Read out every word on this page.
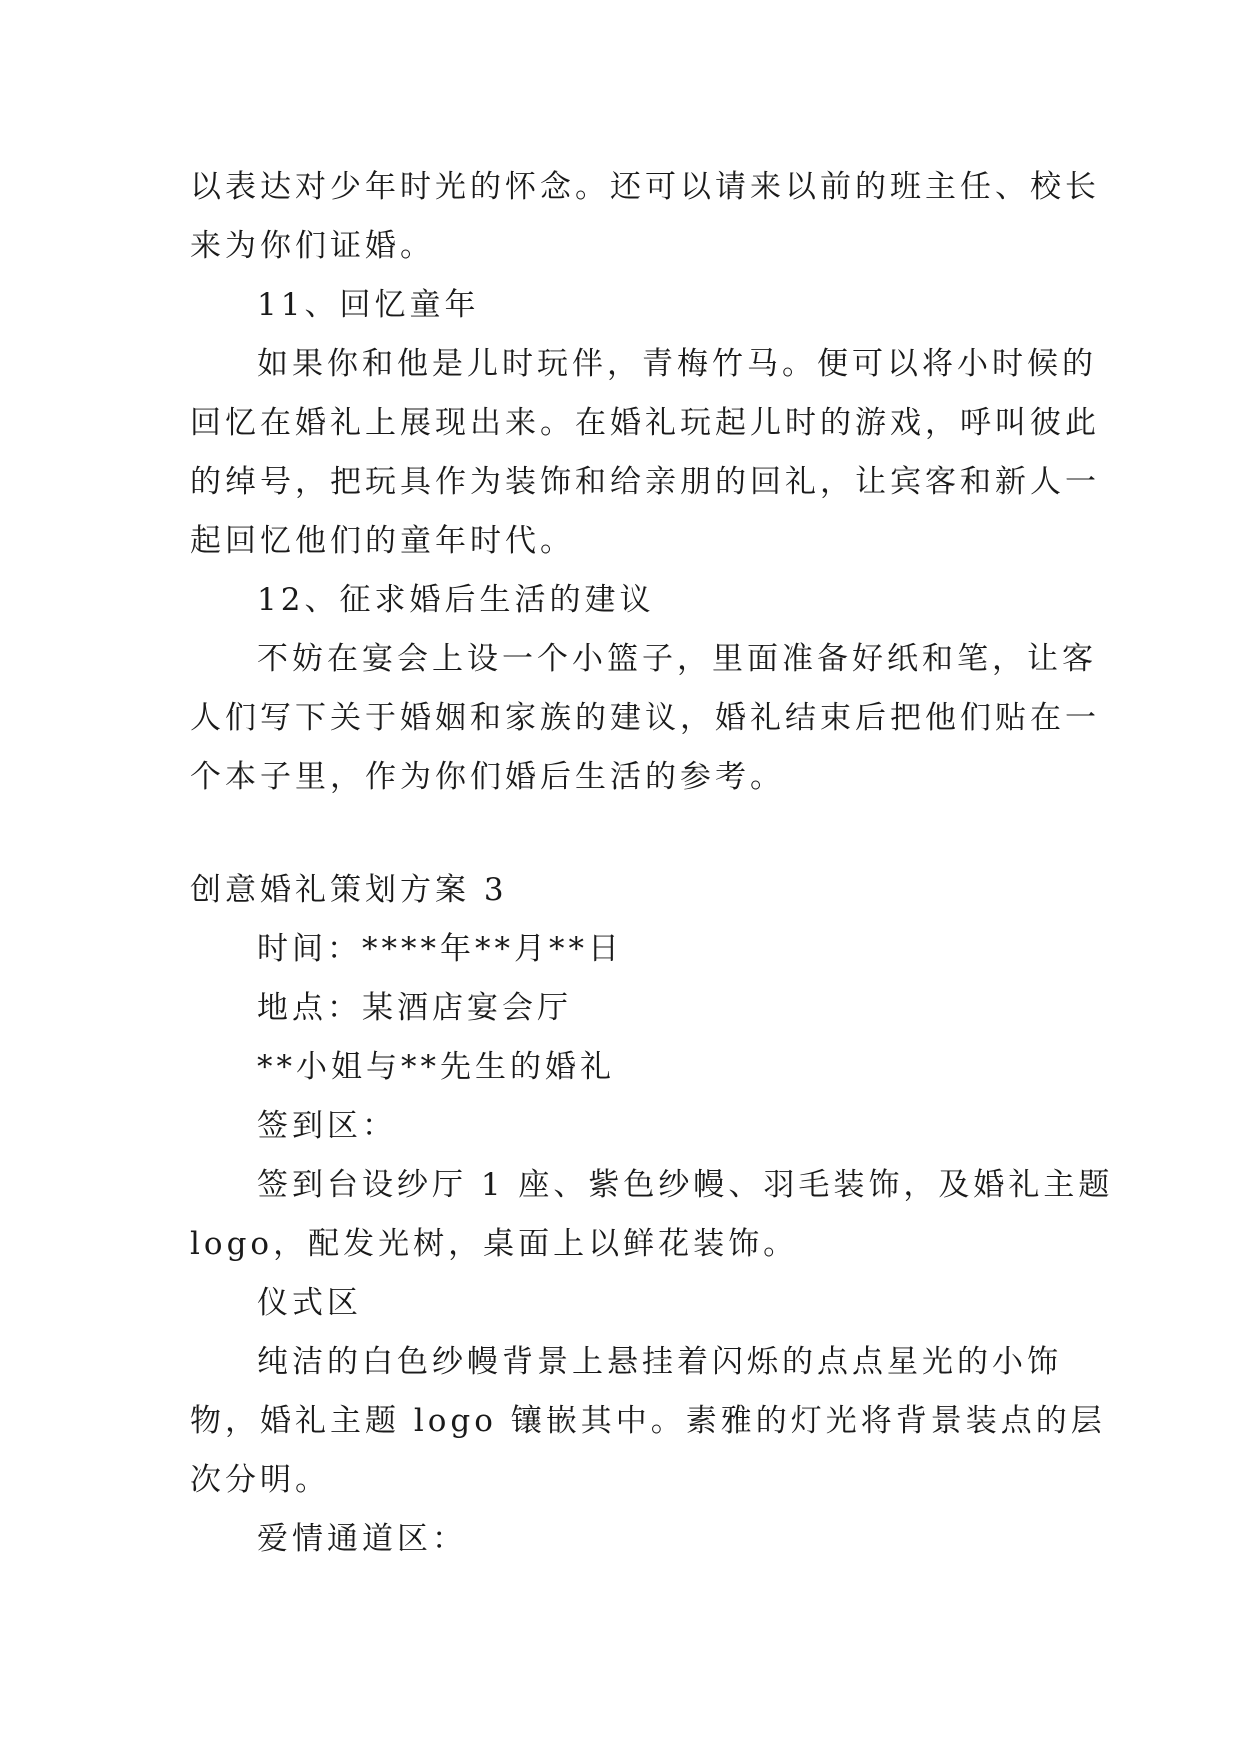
以表达对少年时光的怀念。还可以请来以前的班主任、校长
来为你们证婚。
11、回忆童年
如果你和他是儿时玩伴，青梅竹马。便可以将小时候的
回忆在婚礼上展现出来。在婚礼玩起儿时的游戏，呼叫彼此
的绰号，把玩具作为装饰和给亲朋的回礼，让宾客和新人一
起回忆他们的童年时代。
12、征求婚后生活的建议
不妨在宴会上设一个小篮子，里面准备好纸和笔，让客
人们写下关于婚姻和家族的建议，婚礼结束后把他们贴在一
个本子里，作为你们婚后生活的参考。
创意婚礼策划方案 3
时间：****年**月**日
地点：某酒店宴会厅
**小姐与**先生的婚礼
签到区：
签到台设纱厅 1 座、紫色纱幔、羽毛装饰，及婚礼主题
logo，配发光树，桌面上以鲜花装饰。
仪式区
纯洁的白色纱幔背景上悬挂着闪烁的点点星光的小饰
物，婚礼主题 logo 镶嵌其中。素雅的灯光将背景装点的层
次分明。
爱情通道区：
